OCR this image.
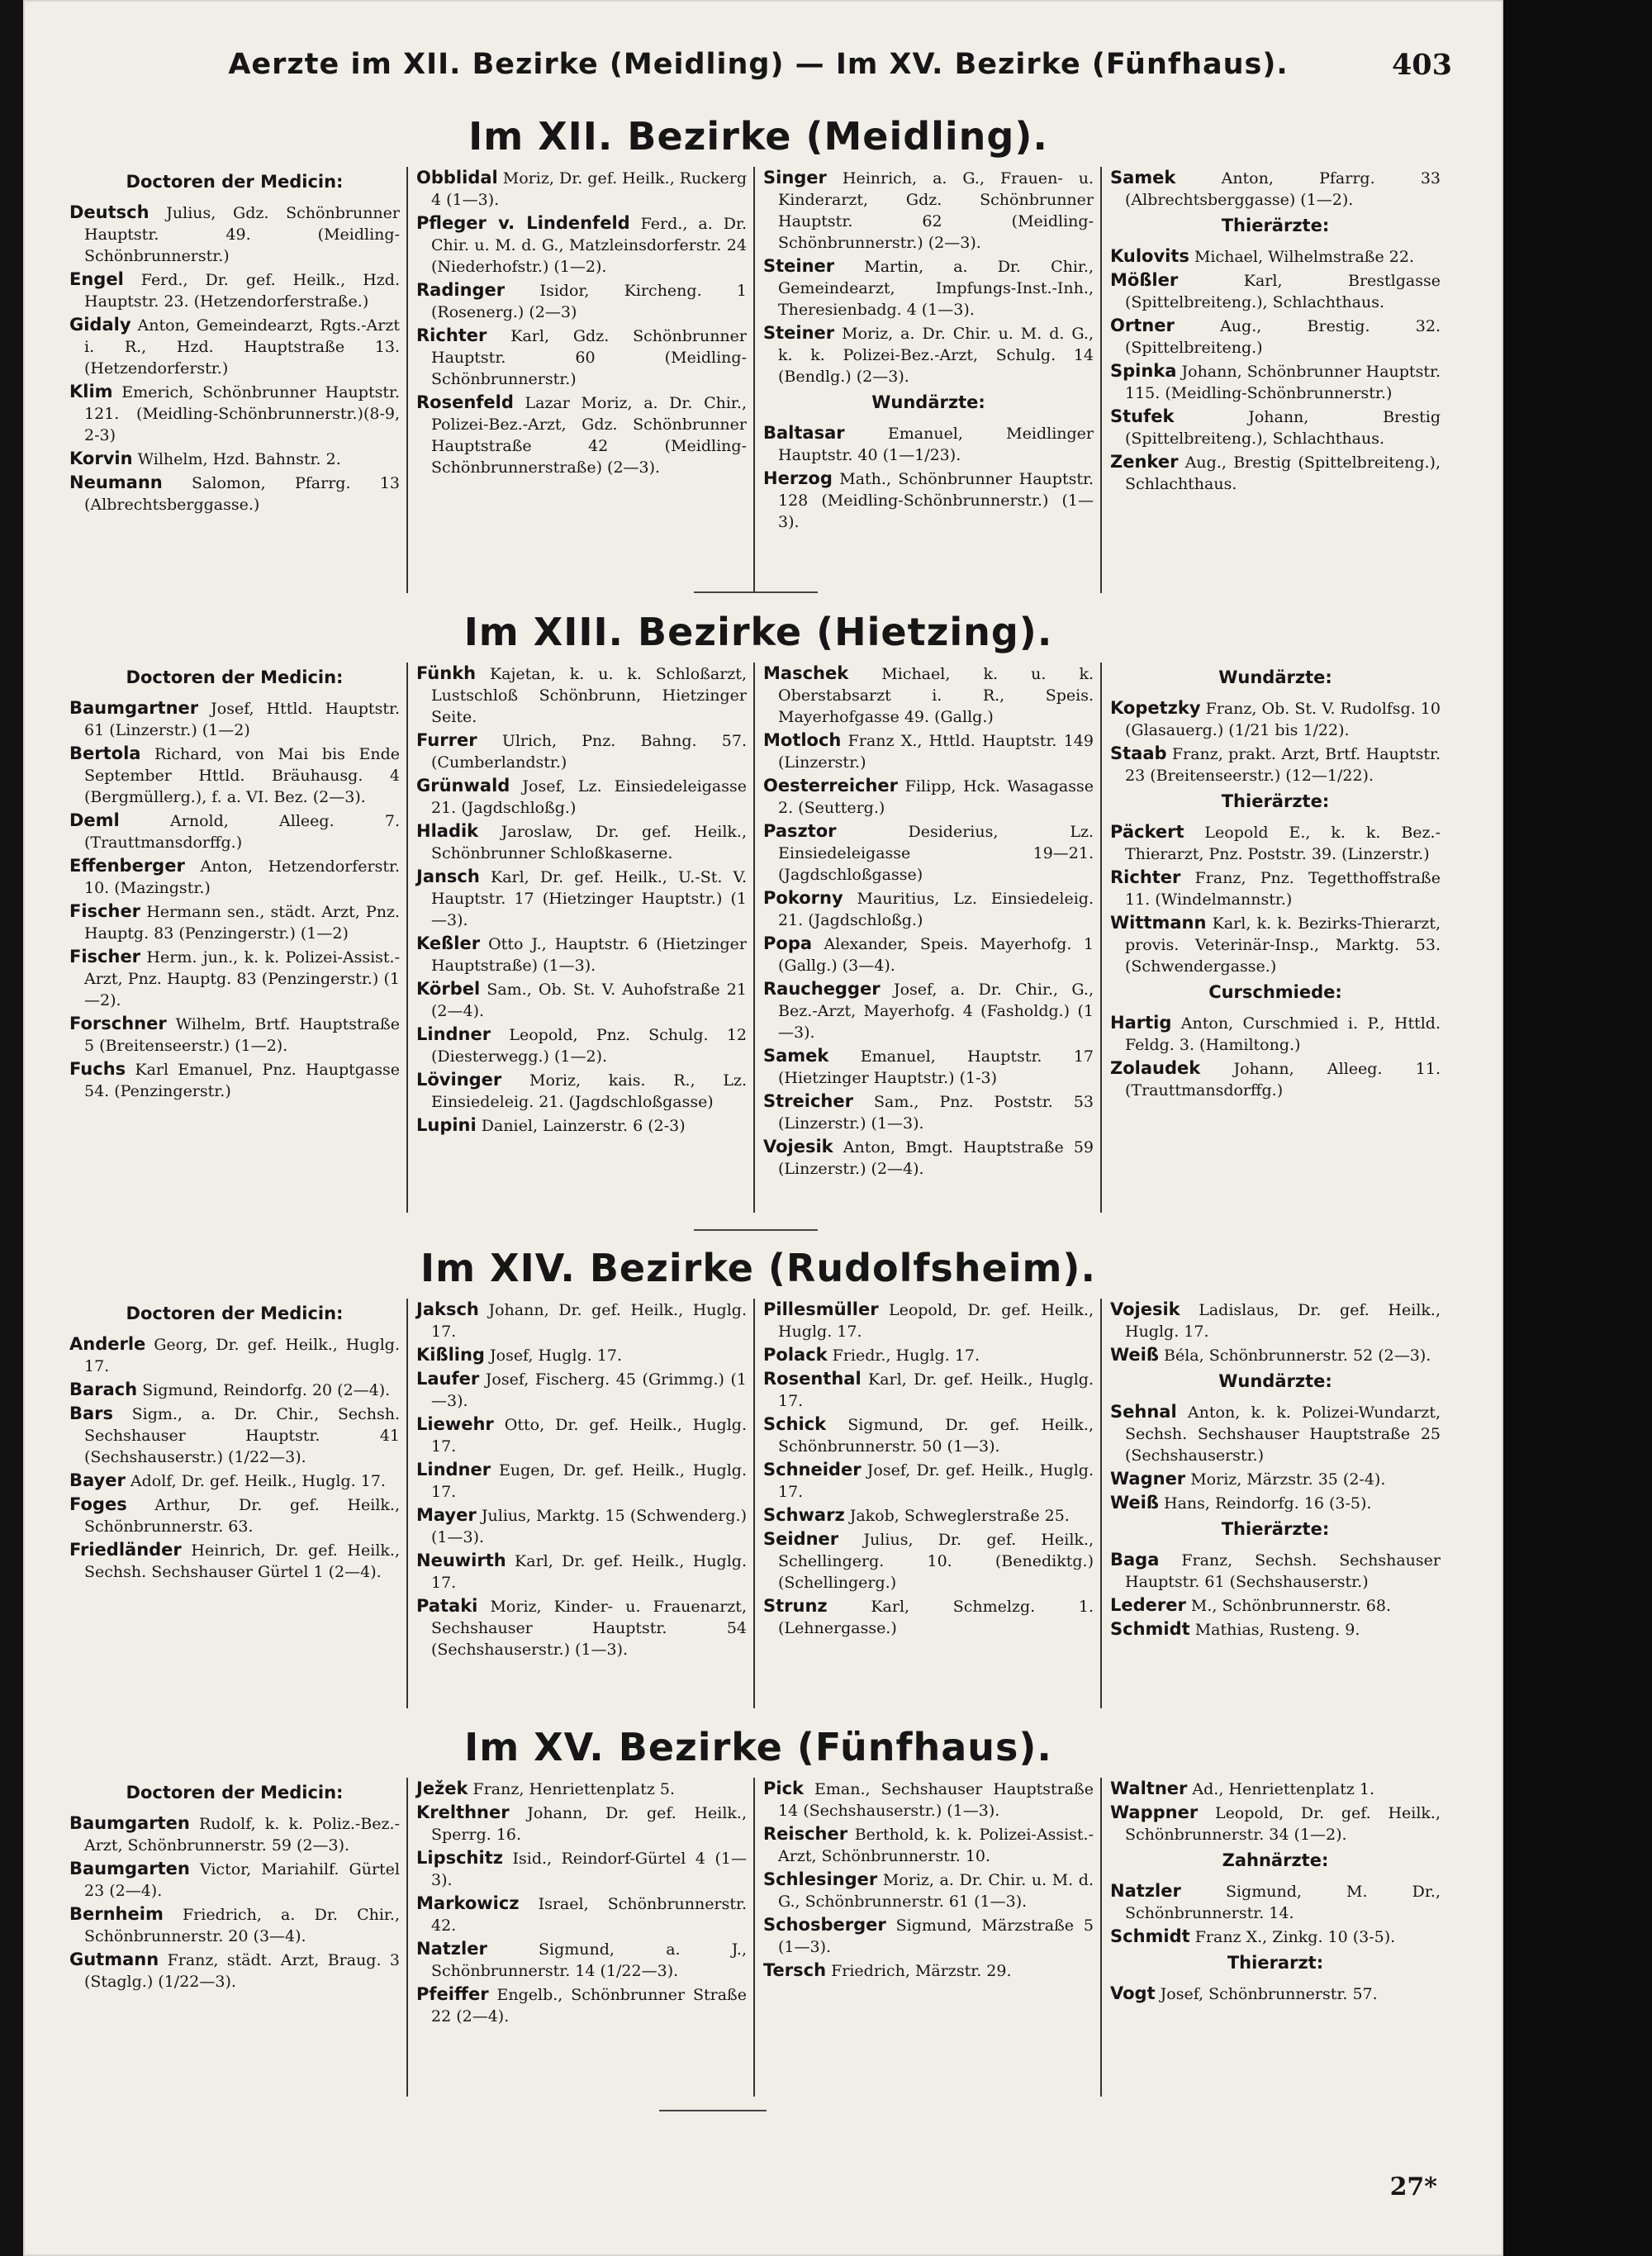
Aerzte im XII. Bezirke (Meidling) — Im XV. Bezirke (Fünfhaus).	403
Im XII. Bezirke (Meidling).
Doctoren der Medicin:
Deutsch Julius, Gdz. Schönbrunner Hauptstr. 49. (Meidling-Schönbrunnerstr.)
Engel Ferd., Dr. gef. Heilk., Hzd. Hauptstr. 23. (Hetzendorferstraße.)
Gidaly Anton, Gemeindearzt, Rgts.-Arzt i. R., Hzd. Hauptstraße 13. (Hetzendorferstr.)
Klim Emerich, Schönbrunner Hauptstr. 121. (Meidling-Schönbrunnerstr.)(8-9, 2-3)
Korvin Wilhelm, Hzd. Bahnstr. 2.
Neumann Salomon, Pfarrg. 13 (Albrechtsberggasse.)
Obblidal Moriz, Dr. gef. Heilk., Ruckerg 4 (1—3).
Pfleger v. Lindenfeld Ferd., a. Dr. Chir. u. M. d. G., Matzleinsdorferstr. 24 (Niederhofstr.) (1—2).
Radinger Isidor, Kircheng. 1 (Rosenerg.) (2—3)
Richter Karl, Gdz. Schönbrunner Hauptstr. 60 (Meidling-Schönbrunnerstr.)
Rosenfeld Lazar Moriz, a. Dr. Chir., Polizei-Bez.-Arzt, Gdz. Schönbrunner Hauptstraße 42 (Meidling-Schönbrunnerstraße) (2—3).
Singer Heinrich, a. G., Frauen- u. Kinderarzt, Gdz. Schönbrunner Hauptstr. 62 (Meidling-Schönbrunnerstr.) (2—3).
Steiner Martin, a. Dr. Chir., Gemeindearzt, Impfungs-Inst.-Inh., Theresienbadg. 4 (1—3).
Steiner Moriz, a. Dr. Chir. u. M. d. G., k. k. Polizei-Bez.-Arzt, Schulg. 14 (Bendlg.) (2—3).
Wundärzte:
Baltasar Emanuel, Meidlinger Hauptstr. 40 (1—1/23).
Herzog Math., Schönbrunner Hauptstr. 128 (Meidling-Schönbrunnerstr.) (1—3).
Samek Anton, Pfarrg. 33 (Albrechtsberggasse) (1—2).
Thierärzte:
Kulovits Michael, Wilhelmstraße 22.
Mößler Karl, Brestlgasse (Spittelbreiteng.), Schlachthaus.
Ortner Aug., Brestig. 32. (Spittelbreiteng.)
Spinka Johann, Schönbrunner Hauptstr. 115. (Meidling-Schönbrunnerstr.)
Stufek Johann, Brestig (Spittelbreiteng.), Schlachthaus.
Zenker Aug., Brestig (Spittelbreiteng.), Schlachthaus.
Im XIII. Bezirke (Hietzing).
Doctoren der Medicin:
Baumgartner Josef, Httld. Hauptstr. 61 (Linzerstr.) (1—2)
Bertola Richard, von Mai bis Ende September Httld. Bräuhausg. 4 (Bergmüllerg.), f. a. VI. Bez. (2—3).
Deml Arnold, Alleeg. 7. (Trauttmansdorffg.)
Effenberger Anton, Hetzendorferstr. 10. (Mazingstr.)
Fischer Hermann sen., städt. Arzt, Pnz. Hauptg. 83 (Penzingerstr.) (1—2)
Fischer Herm. jun., k. k. Polizei-Assist.-Arzt, Pnz. Hauptg. 83 (Penzingerstr.) (1—2).
Forschner Wilhelm, Brtf. Hauptstraße 5 (Breitenseerstr.) (1—2).
Fuchs Karl Emanuel, Pnz. Hauptgasse 54. (Penzingerstr.)
Fünkh Kajetan, k. u. k. Schloßarzt, Lustschloß Schönbrunn, Hietzinger Seite.
Furrer Ulrich, Pnz. Bahng. 57. (Cumberlandstr.)
Grünwald Josef, Lz. Einsiedeleigasse 21. (Jagdschloßg.)
Hladik Jaroslaw, Dr. gef. Heilk., Schönbrunner Schloßkaserne.
Jansch Karl, Dr. gef. Heilk., U.-St. V. Hauptstr. 17 (Hietzinger Hauptstr.) (1—3).
Keßler Otto J., Hauptstr. 6 (Hietzinger Hauptstraße) (1—3).
Körbel Sam., Ob. St. V. Auhofstraße 21 (2—4).
Lindner Leopold, Pnz. Schulg. 12 (Diesterwegg.) (1—2).
Lövinger Moriz, kais. R., Lz. Einsiedeleig. 21. (Jagdschloßgasse)
Lupini Daniel, Lainzerstr. 6 (2-3)
Maschek Michael, k. u. k. Oberstabsarzt i. R., Speis. Mayerhofgasse 49. (Gallg.)
Motloch Franz X., Httld. Hauptstr. 149 (Linzerstr.)
Oesterreicher Filipp, Hck. Wasagasse 2. (Seutterg.)
Pasztor Desiderius, Lz. Einsiedeleigasse 19—21. (Jagdschloßgasse)
Pokorny Mauritius, Lz. Einsiedeleig. 21. (Jagdschloßg.)
Popa Alexander, Speis. Mayerhofg. 1 (Gallg.) (3—4).
Rauchegger Josef, a. Dr. Chir., G., Bez.-Arzt, Mayerhofg. 4 (Fasholdg.) (1—3).
Samek Emanuel, Hauptstr. 17 (Hietzinger Hauptstr.) (1-3)
Streicher Sam., Pnz. Poststr. 53 (Linzerstr.) (1—3).
Vojesik Anton, Bmgt. Hauptstraße 59 (Linzerstr.) (2—4).
Wundärzte:
Kopetzky Franz, Ob. St. V. Rudolfsg. 10 (Glasauerg.) (1/21 bis 1/22).
Staab Franz, prakt. Arzt, Brtf. Hauptstr. 23 (Breitenseerstr.) (12—1/22).
Thierärzte:
Päckert Leopold E., k. k. Bez.-Thierarzt, Pnz. Poststr. 39. (Linzerstr.)
Richter Franz, Pnz. Tegetthoffstraße 11. (Windelmannstr.)
Wittmann Karl, k. k. Bezirks-Thierarzt, provis. Veterinär-Insp., Marktg. 53. (Schwendergasse.)
Curschmiede:
Hartig Anton, Curschmied i. P., Httld. Feldg. 3. (Hamiltong.)
Zolaudek Johann, Alleeg. 11. (Trauttmansdorffg.)
Im XIV. Bezirke (Rudolfsheim).
Doctoren der Medicin:
Anderle Georg, Dr. gef. Heilk., Huglg. 17.
Barach Sigmund, Reindorfg. 20 (2—4).
Bars Sigm., a. Dr. Chir., Sechsh. Sechshauser Hauptstr. 41 (Sechshauserstr.) (1/22—3).
Bayer Adolf, Dr. gef. Heilk., Huglg. 17.
Foges Arthur, Dr. gef. Heilk., Schönbrunnerstr. 63.
Friedländer Heinrich, Dr. gef. Heilk., Sechsh. Sechshauser Gürtel 1 (2—4).
Jaksch Johann, Dr. gef. Heilk., Huglg. 17.
Kißling Josef, Huglg. 17.
Laufer Josef, Fischerg. 45 (Grimmg.) (1—3).
Liewehr Otto, Dr. gef. Heilk., Huglg. 17.
Lindner Eugen, Dr. gef. Heilk., Huglg. 17.
Mayer Julius, Marktg. 15 (Schwenderg.) (1—3).
Neuwirth Karl, Dr. gef. Heilk., Huglg. 17.
Pataki Moriz, Kinder- u. Frauenarzt, Sechshauser Hauptstr. 54 (Sechshauserstr.) (1—3).
Pillesmüller Leopold, Dr. gef. Heilk., Huglg. 17.
Polack Friedr., Huglg. 17.
Rosenthal Karl, Dr. gef. Heilk., Huglg. 17.
Schick Sigmund, Dr. gef. Heilk., Schönbrunnerstr. 50 (1—3).
Schneider Josef, Dr. gef. Heilk., Huglg. 17.
Schwarz Jakob, Schweglerstraße 25.
Seidner Julius, Dr. gef. Heilk., Schellingerg. 10. (Benediktg.) (Schellingerg.)
Strunz Karl, Schmelzg. 1. (Lehnergasse.)
Vojesik Ladislaus, Dr. gef. Heilk., Huglg. 17.
Weiß Béla, Schönbrunnerstr. 52 (2—3).
Wundärzte:
Sehnal Anton, k. k. Polizei-Wundarzt, Sechsh. Sechshauser Hauptstraße 25 (Sechshauserstr.)
Wagner Moriz, Märzstr. 35 (2-4).
Weiß Hans, Reindorfg. 16 (3-5).
Thierärzte:
Baga Franz, Sechsh. Sechshauser Hauptstr. 61 (Sechshauserstr.)
Lederer M., Schönbrunnerstr. 68.
Schmidt Mathias, Rusteng. 9.
Im XV. Bezirke (Fünfhaus).
Doctoren der Medicin:
Baumgarten Rudolf, k. k. Poliz.-Bez.-Arzt, Schönbrunnerstr. 59 (2—3).
Baumgarten Victor, Mariahilf. Gürtel 23 (2—4).
Bernheim Friedrich, a. Dr. Chir., Schönbrunnerstr. 20 (3—4).
Gutmann Franz, städt. Arzt, Braug. 3 (Staglg.) (1/22—3).
Ježek Franz, Henriettenplatz 5.
Krelthner Johann, Dr. gef. Heilk., Sperrg. 16.
Lipschitz Isid., Reindorf-Gürtel 4 (1—3).
Markowicz Israel, Schönbrunnerstr. 42.
Natzler Sigmund, a. J., Schönbrunnerstr. 14 (1/22—3).
Pfeiffer Engelb., Schönbrunner Straße 22 (2—4).
Pick Eman., Sechshauser Hauptstraße 14 (Sechshauserstr.) (1—3).
Reischer Berthold, k. k. Polizei-Assist.-Arzt, Schönbrunnerstr. 10.
Schlesinger Moriz, a. Dr. Chir. u. M. d. G., Schönbrunnerstr. 61 (1—3).
Schosberger Sigmund, Märzstraße 5 (1—3).
Tersch Friedrich, Märzstr. 29.
Waltner Ad., Henriettenplatz 1.
Wappner Leopold, Dr. gef. Heilk., Schönbrunnerstr. 34 (1—2).
Zahnärzte:
Natzler Sigmund, M. Dr., Schönbrunnerstr. 14.
Schmidt Franz X., Zinkg. 10 (3-5).
Thierarzt:
Vogt Josef, Schönbrunnerstr. 57.
27*
